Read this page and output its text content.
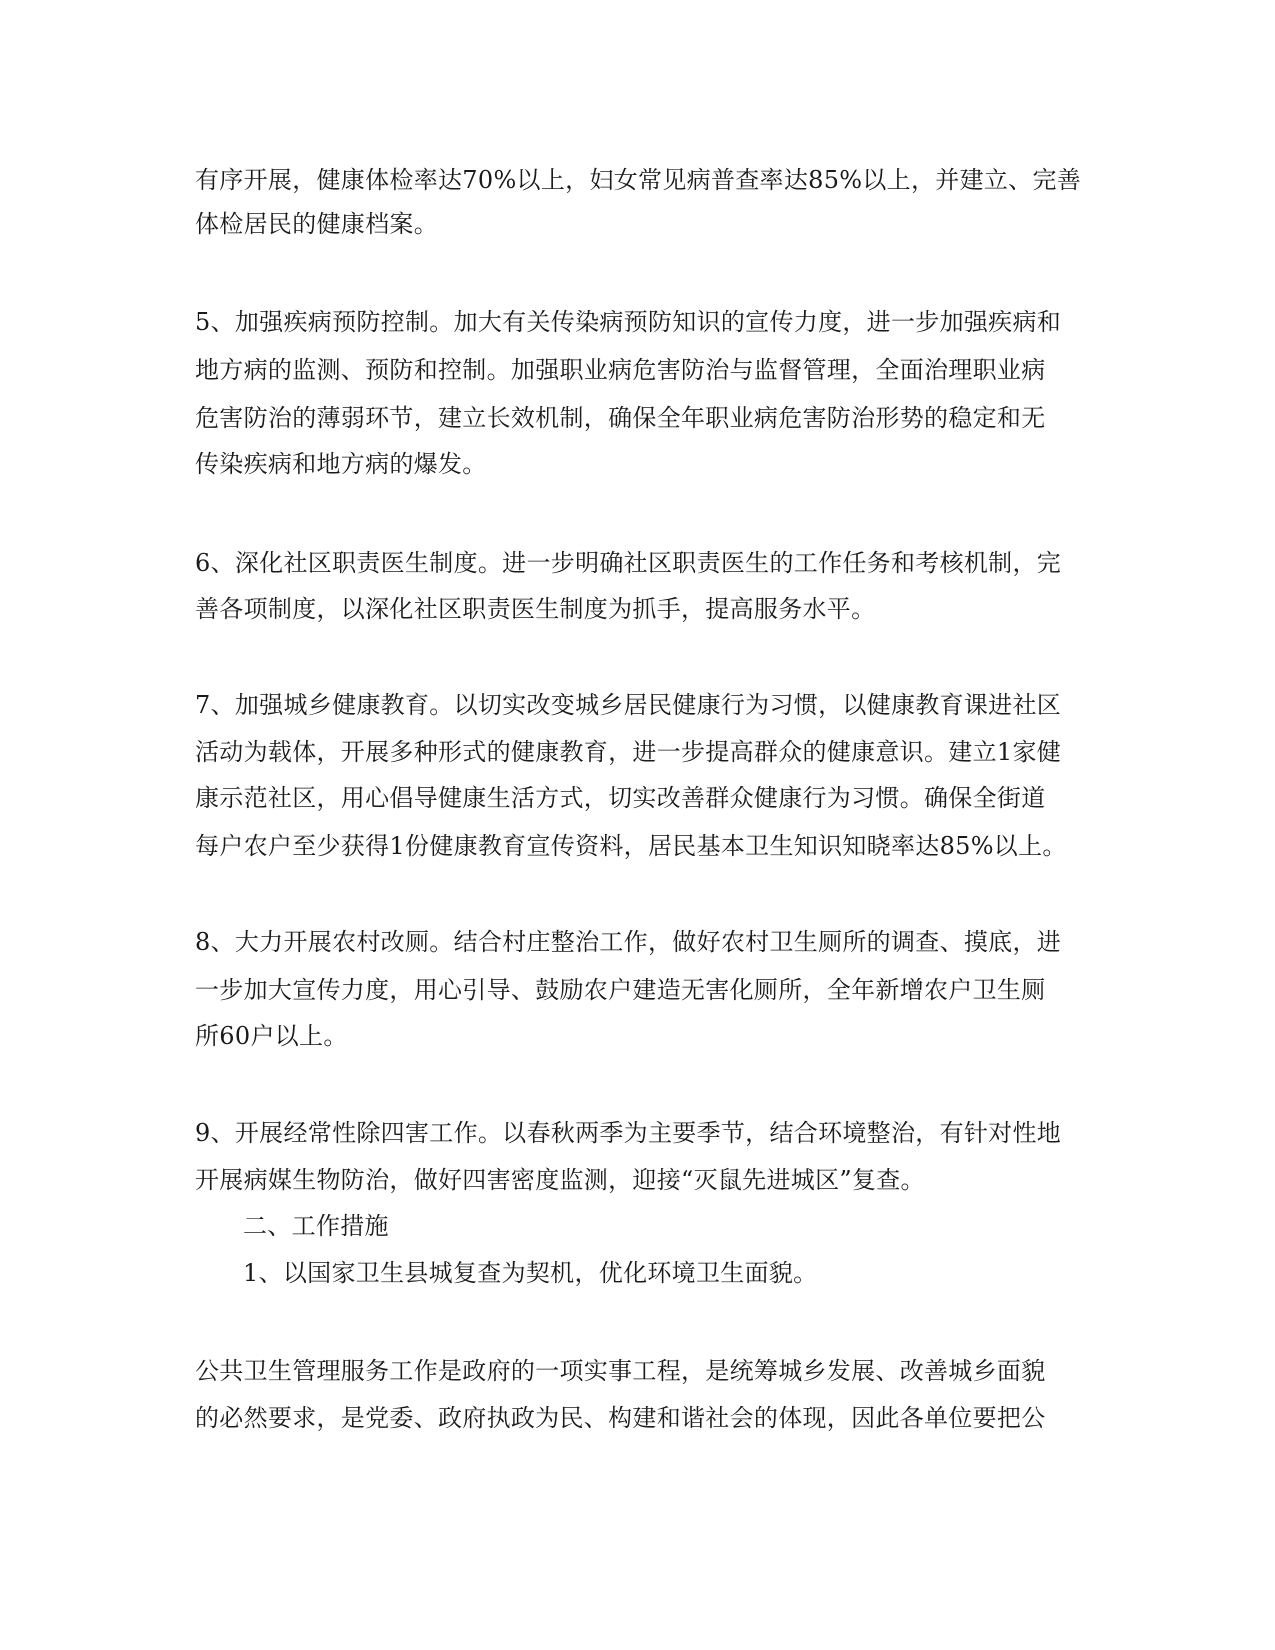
有序开展，健康体检率达70%以上，妇女常见病普查率达85%以上，并建立、完善
体检居民的健康档案。
5、加强疾病预防控制。加大有关传染病预防知识的宣传力度，进一步加强疾病和
地方病的监测、预防和控制。加强职业病危害防治与监督管理，全面治理职业病
危害防治的薄弱环节，建立长效机制，确保全年职业病危害防治形势的稳定和无
传染疾病和地方病的爆发。
6、深化社区职责医生制度。进一步明确社区职责医生的工作任务和考核机制，完
善各项制度，以深化社区职责医生制度为抓手，提高服务水平。
7、加强城乡健康教育。以切实改变城乡居民健康行为习惯，以健康教育课进社区
活动为载体，开展多种形式的健康教育，进一步提高群众的健康意识。建立1家健
康示范社区，用心倡导健康生活方式，切实改善群众健康行为习惯。确保全街道
每户农户至少获得1份健康教育宣传资料，居民基本卫生知识知晓率达85%以上。
8、大力开展农村改厕。结合村庄整治工作，做好农村卫生厕所的调查、摸底，进
一步加大宣传力度，用心引导、鼓励农户建造无害化厕所，全年新增农户卫生厕
所60户以上。
9、开展经常性除四害工作。以春秋两季为主要季节，结合环境整治，有针对性地
开展病媒生物防治，做好四害密度监测，迎接“灭鼠先进城区”复查。
二、工作措施
1、以国家卫生县城复查为契机，优化环境卫生面貌。
公共卫生管理服务工作是政府的一项实事工程，是统筹城乡发展、改善城乡面貌
的必然要求，是党委、政府执政为民、构建和谐社会的体现，因此各单位要把公
